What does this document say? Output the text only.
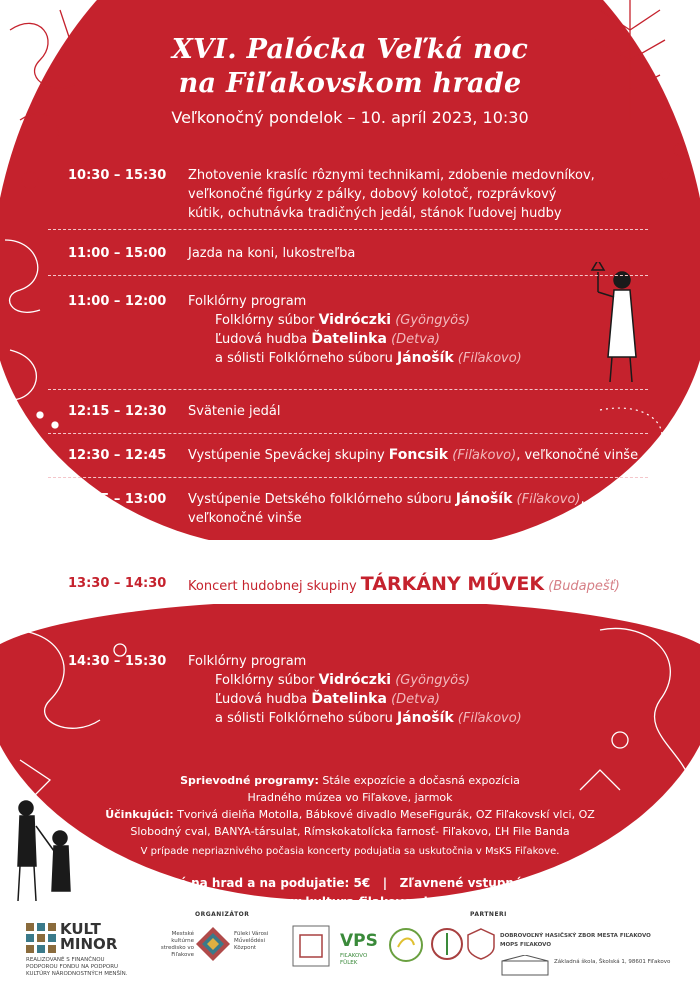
XVI. Palócka Veľká noc
na Fiľakovskom hrade
Veľkonočný pondelok – 10. apríl 2023, 10:30
10:30 – 15:30	Zhotovenie kraslíc rôznymi technikami, zdobenie medovníkov,
veľkonočné figúrky z pálky, dobový kolotoč, rozprávkový
kútik, ochutnávka tradičných jedál, stánok ľudovej hudby
11:00 – 15:00	Jazda na koni, lukostreľba
11:00 – 12:00	Folklórny program
Folklórny súbor Vidróczki (Gyöngyös)
Ľudová hudba Ďatelinka (Detva)
a sólisti Folklórneho súboru Jánošík (Fiľakovo)
12:15 – 12:30	Svätenie jedál
12:30 – 12:45	Vystúpenie Speváckej skupiny Foncsik (Fiľakovo), veľkonočné vinše
12:45 – 13:00	Vystúpenie Detského folklórneho súboru Jánošík (Fiľakovo),
veľkonočné vinše
13:30 – 14:30 Koncert hudobnej skupiny TÁRKÁNY MŰVEK (Budapešť)
14:30 – 15:30	Folklórny program
Folklórny súbor Vidróczki (Gyöngyös)
Ľudová hudba Ďatelinka (Detva)
a sólisti Folklórneho súboru Jánošík (Fiľakovo)
Sprievodné programy: Stále expozície a dočasná expozícia
Hradného múzea vo Fiľakove, jarmok
Účinkujúci: Tvorivá dielňa Motolla, Bábkové divadlo MeseFigurák, OZ Fiľakovskí vlci, OZ
Slobodný cval, BANYA-társulat, Rímskokatolícka farnosť- Fiľakovo, ĽH File Banda
V prípade nepriaznivého počasia koncerty podujatia sa uskutočnia v MsKS Fiľakove.
Vstupné na hrad a na podujatie: 5€ | Zľavnené vstupné: 2,50€
www.kultura.filakovo.sk
KULT
MINOR
REALIZOVANÉ S FINANČNOU PODPOROU FONDU NA PODPORU KULTÚRY NÁRODNOSTNÝCH MENŠÍN.
ORGANIZÁTOR
Mestské kultúrne stredisko vo Fiľakove
Füleki Városi Művelődési Központ	VPS
FIĽAKOVO FÜLEK
PARTNERI
DOBROVOĽNÝ HASIČSKÝ ZBOR MESTA FIĽAKOVO
MOPS FIĽAKOVO
Základná škola, Školská 1, 98601 Fiľakovo
